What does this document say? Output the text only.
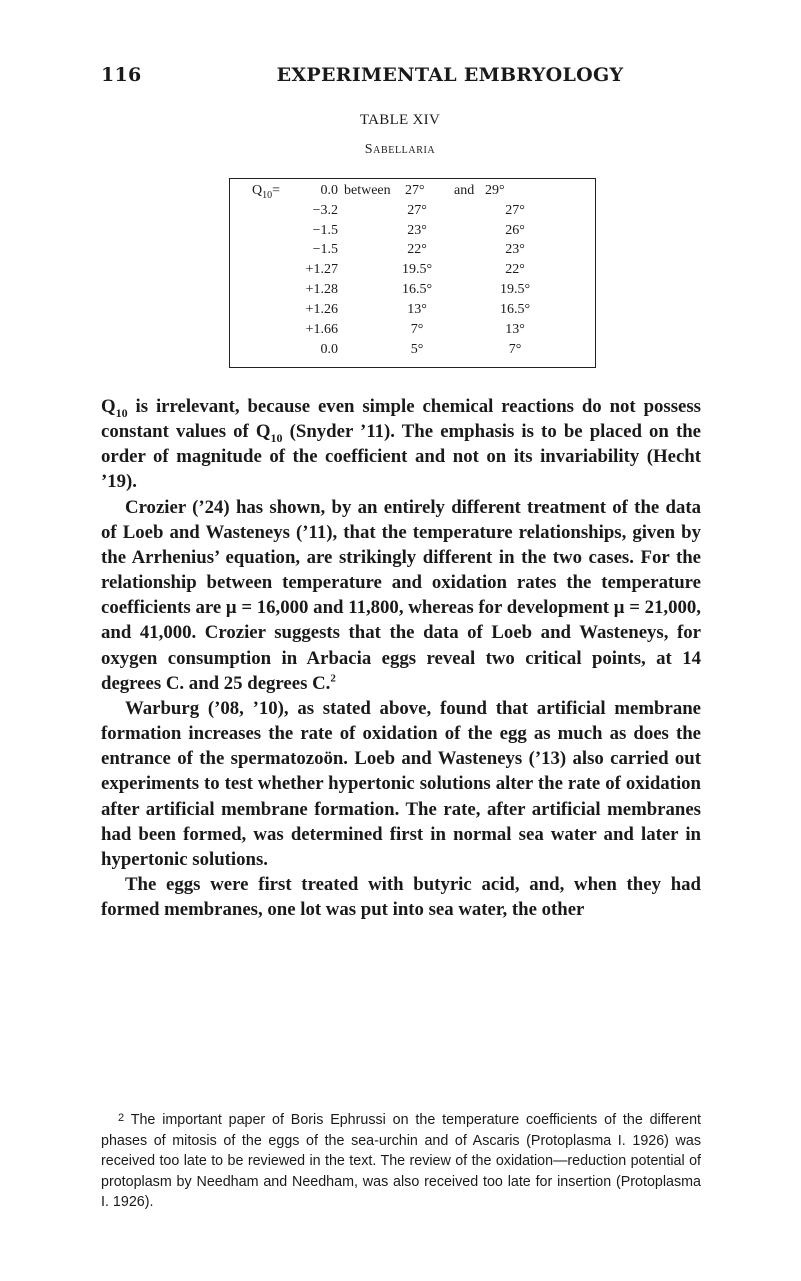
116	EXPERIMENTAL EMBRYOLOGY
TABLE XIV
Sabellaria
$Q_{10}=$	0.0 between 27° and 29°
−3.2	27°	27°
−1.5	23°	26°
−1.5	22°	23°
+1.27	19.5°	22°
+1.28	16.5°	19.5°
+1.26	13°	16.5°
+1.66	7°	13°
0.0	5°	7°

$Q_{10}$ is irrelevant, because even simple chemical reactions do not possess constant values of $Q_{10}$ (Snyder ’11). The emphasis is to be placed on the order of magnitude of the coefficient and not on its invariability (Hecht ’19).

Crozier (’24) has shown, by an entirely different treatment of the data of Loeb and Wasteneys (’11), that the temperature relationships, given by the Arrhenius’ equation, are strikingly different in the two cases. For the relationship between temperature and oxidation rates the temperature coefficients are μ = 16,000 and 11,800, whereas for development μ = 21,000, and 41,000. Crozier suggests that the data of Loeb and Wasteneys, for oxygen consumption in Arbacia eggs reveal two critical points, at 14 degrees C. and 25 degrees C.$^2$

Warburg (’08, ’10), as stated above, found that artificial membrane formation increases the rate of oxidation of the egg as much as does the entrance of the spermatozoön. Loeb and Wasteneys (’13) also carried out experiments to test whether hypertonic solutions alter the rate of oxidation after artificial membrane formation. The rate, after artificial membranes had been formed, was determined first in normal sea water and later in hypertonic solutions.

The eggs were first treated with butyric acid, and, when they had formed membranes, one lot was put into sea water, the other

$^2$ The important paper of Boris Ephrussi on the temperature coefficients of the different phases of mitosis of the eggs of the sea-urchin and of Ascaris (Protoplasma I. 1926) was received too late to be reviewed in the text. The review of the oxidation—reduction potential of protoplasm by Needham and Needham, was also received too late for insertion (Protoplasma I. 1926).
